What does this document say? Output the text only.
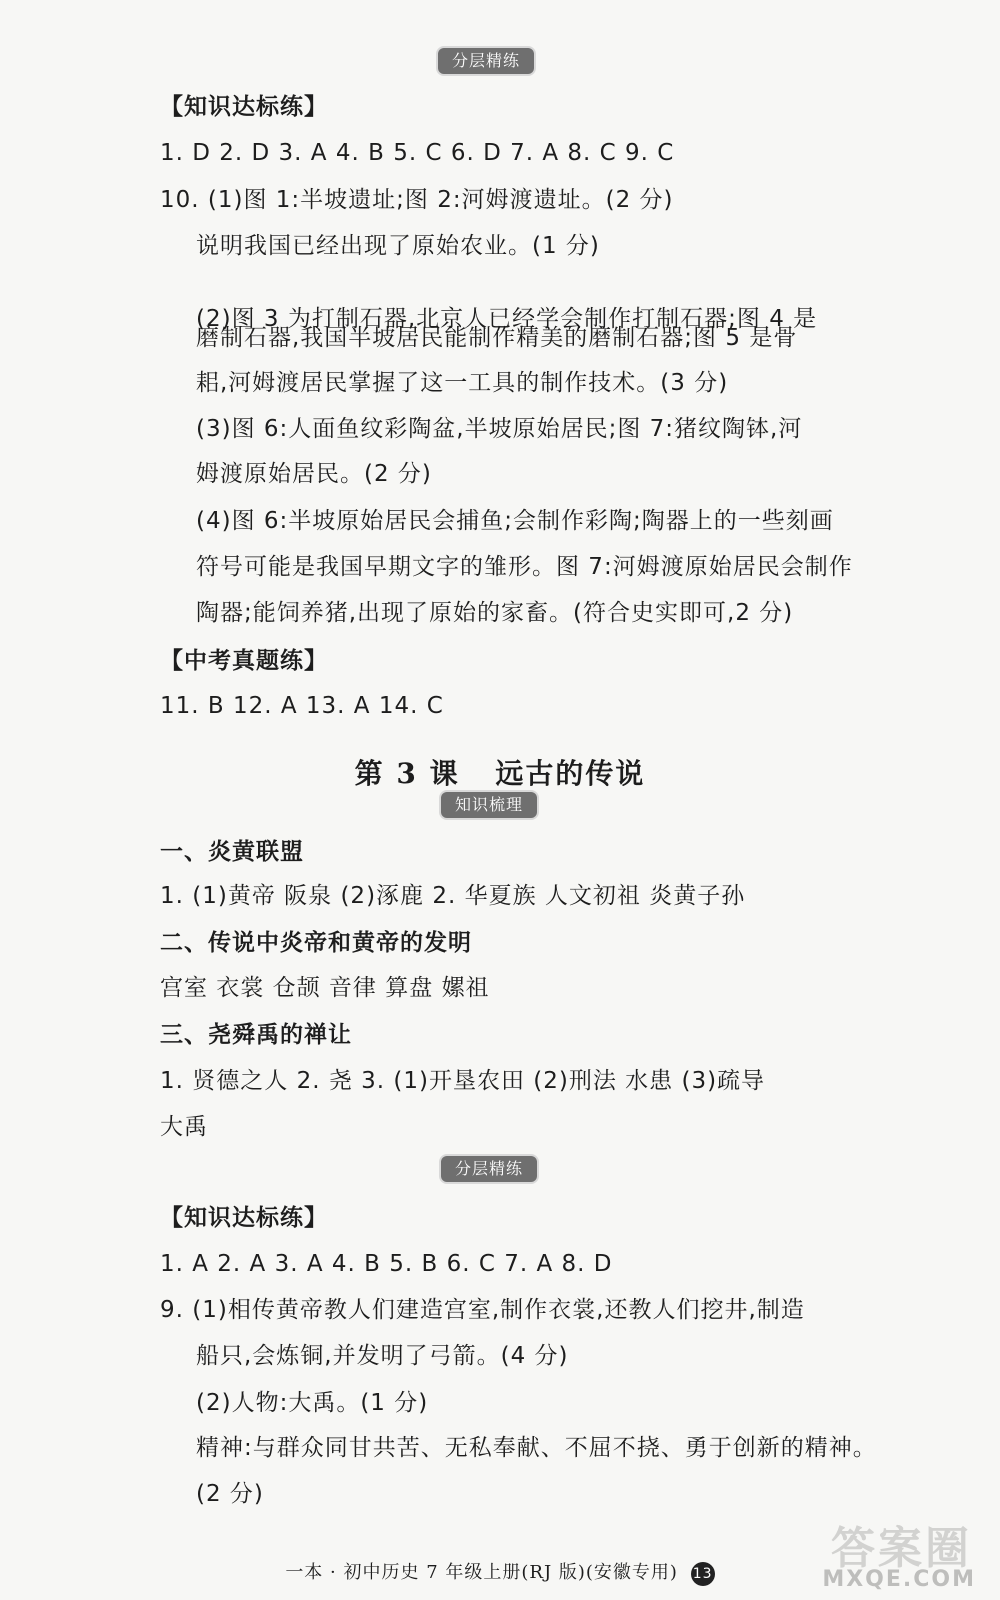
分层精练
【知识达标练】
1. D 2. D 3. A 4. B 5. C 6. D 7. A 8. C 9. C
10. (1)图 1:半坡遗址;图 2:河姆渡遗址。(2 分)
说明我国已经出现了原始农业。(1 分)
(2)图 3 为打制石器,北京人已经学会制作打制石器;图 4 是
磨制石器,我国半坡居民能制作精美的磨制石器;图 5 是骨
耜,河姆渡居民掌握了这一工具的制作技术。(3 分)
(3)图 6:人面鱼纹彩陶盆,半坡原始居民;图 7:猪纹陶钵,河
姆渡原始居民。(2 分)
(4)图 6:半坡原始居民会捕鱼;会制作彩陶;陶器上的一些刻画
符号可能是我国早期文字的雏形。图 7:河姆渡原始居民会制作
陶器;能饲养猪,出现了原始的家畜。(符合史实即可,2 分)
【中考真题练】
11. B 12. A 13. A 14. C
第 3 课 远古的传说
知识梳理
一、炎黄联盟
1. (1)黄帝 阪泉 (2)涿鹿 2. 华夏族 人文初祖 炎黄子孙
二、传说中炎帝和黄帝的发明
宫室 衣裳 仓颉 音律 算盘 嫘祖
三、尧舜禹的禅让
1. 贤德之人 2. 尧 3. (1)开垦农田 (2)刑法 水患 (3)疏导
大禹
分层精练
【知识达标练】
1. A 2. A 3. A 4. B 5. B 6. C 7. A 8. D
9. (1)相传黄帝教人们建造宫室,制作衣裳,还教人们挖井,制造
船只,会炼铜,并发明了弓箭。(4 分)
(2)人物:大禹。(1 分)
精神:与群众同甘共苦、无私奉献、不屈不挠、勇于创新的精神。
(2 分)
一本 · 初中历史 7 年级上册(RJ 版)(安徽专用) 13	答案圈
MXQE.COM
